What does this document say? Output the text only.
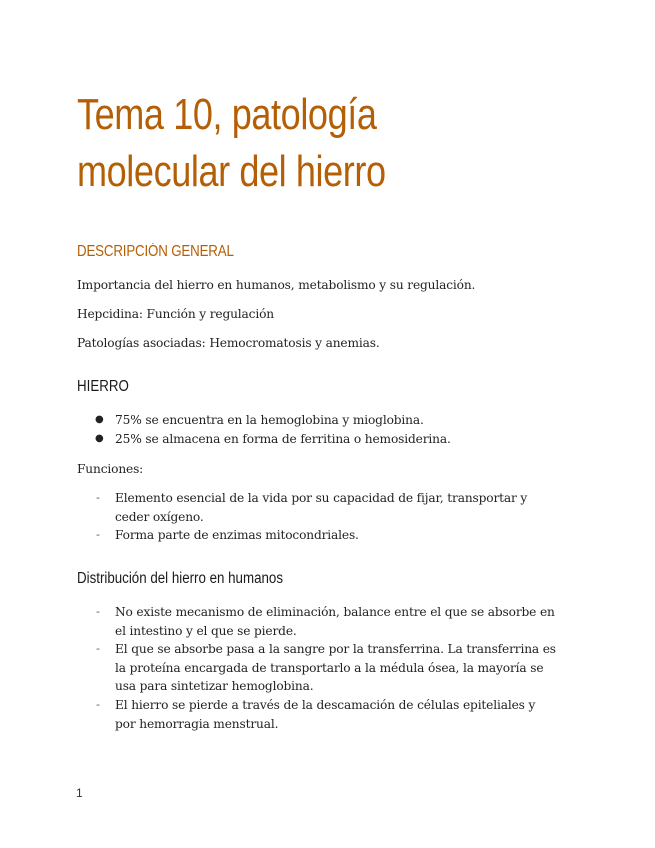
Tema 10, patología molecular del hierro
DESCRIPCIÓN GENERAL

Importancia del hierro en humanos, metabolismo y su regulación.

Hepcidina: Función y regulación

Patologías asociadas: Hemocromatosis y anemias.

HIERRO
● 75% se encuentra en la hemoglobina y mioglobina.
● 25% se almacena en forma de ferritina o hemosiderina.

Funciones:

- Elemento esencial de la vida por su capacidad de fijar, transportar y ceder oxígeno.
- Forma parte de enzimas mitocondriales.
Distribución del hierro en humanos
- No existe mecanismo de eliminación, balance entre el que se absorbe en el intestino y el que se pierde.
- El que se absorbe pasa a la sangre por la transferrina. La transferrina es la proteína encargada de transportarlo a la médula ósea, la mayoría se usa para sintetizar hemoglobina.
- El hierro se pierde a través de la descamación de células epiteliales y por hemorragia menstrual.
1
